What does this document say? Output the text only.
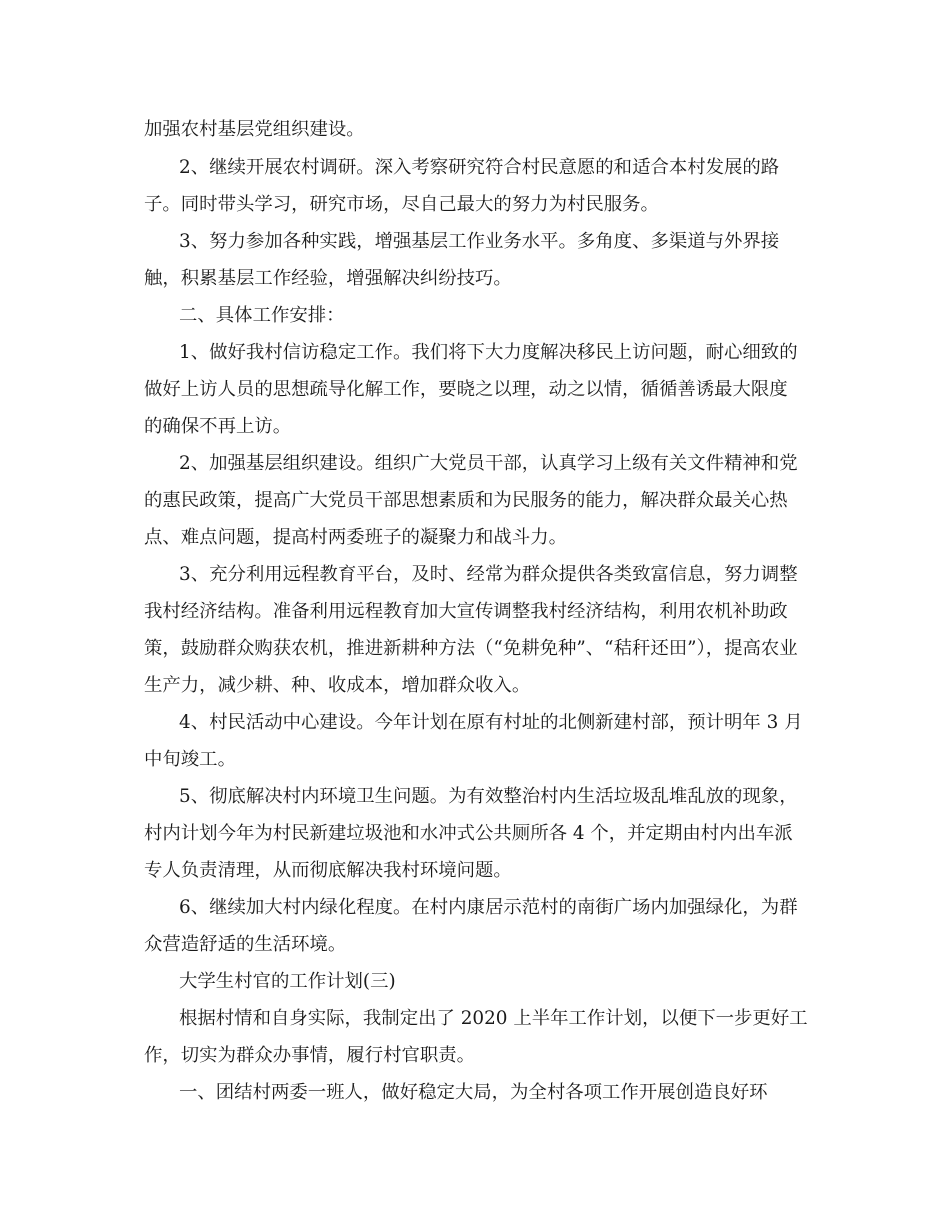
加强农村基层党组织建设。
2、继续开展农村调研。深入考察研究符合村民意愿的和适合本村发展的路
子。同时带头学习，研究市场，尽自己最大的努力为村民服务。
3、努力参加各种实践，增强基层工作业务水平。多角度、多渠道与外界接
触，积累基层工作经验，增强解决纠纷技巧。
二、具体工作安排：
1、做好我村信访稳定工作。我们将下大力度解决移民上访问题，耐心细致的
做好上访人员的思想疏导化解工作，要晓之以理，动之以情，循循善诱最大限度
的确保不再上访。
2、加强基层组织建设。组织广大党员干部，认真学习上级有关文件精神和党
的惠民政策，提高广大党员干部思想素质和为民服务的能力，解决群众最关心热
点、难点问题，提高村两委班子的凝聚力和战斗力。
3、充分利用远程教育平台，及时、经常为群众提供各类致富信息，努力调整
我村经济结构。准备利用远程教育加大宣传调整我村经济结构，利用农机补助政
策，鼓励群众购获农机，推进新耕种方法（“免耕免种”、“秸秆还田”），提高农业
生产力，减少耕、种、收成本，增加群众收入。
4、村民活动中心建设。今年计划在原有村址的北侧新建村部，预计明年 3 月
中旬竣工。
5、彻底解决村内环境卫生问题。为有效整治村内生活垃圾乱堆乱放的现象，
村内计划今年为村民新建垃圾池和水冲式公共厕所各 4 个，并定期由村内出车派
专人负责清理，从而彻底解决我村环境问题。
6、继续加大村内绿化程度。在村内康居示范村的南街广场内加强绿化，为群
众营造舒适的生活环境。
大学生村官的工作计划(三)
根据村情和自身实际，我制定出了 2020 上半年工作计划，以便下一步更好工
作，切实为群众办事情，履行村官职责。
一、团结村两委一班人，做好稳定大局，为全村各项工作开展创造良好环
